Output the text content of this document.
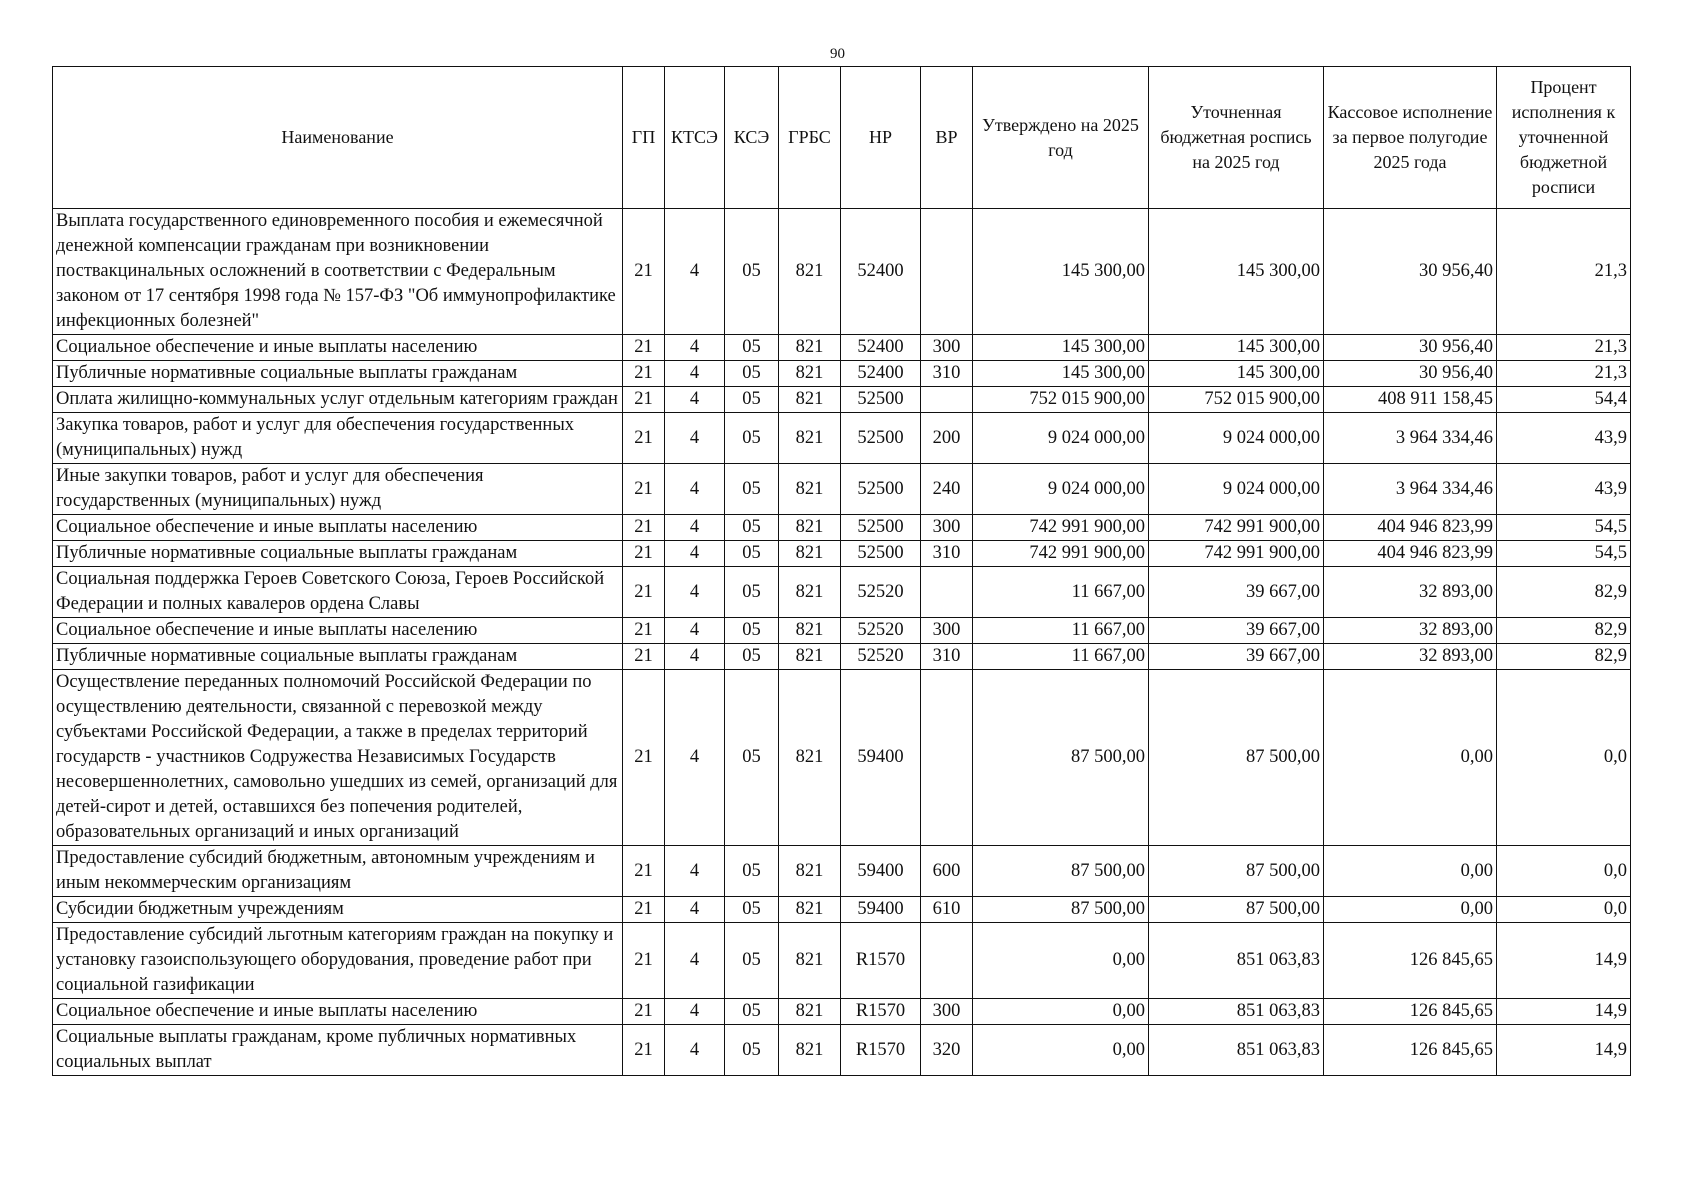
90
Наименование	ГП	КТСЭ	КСЭ	ГРБС	НР	ВР	Утверждено на 2025 год	Уточненная бюджетная роспись на 2025 год	Кассовое исполнение за первое полугодие 2025 года	Процент исполнения к уточненной бюджетной росписи
Выплата государственного единовременного пособия и ежемесячной денежной компенсации гражданам при возникновении поствакцинальных осложнений в соответствии с Федеральным законом от 17 сентября 1998 года № 157-ФЗ "Об иммунопрофилактике инфекционных болезней"	21	4	05	821	52400		145 300,00	145 300,00	30 956,40	21,3
Социальное обеспечение и иные выплаты населению	21	4	05	821	52400	300	145 300,00	145 300,00	30 956,40	21,3
Публичные нормативные социальные выплаты гражданам	21	4	05	821	52400	310	145 300,00	145 300,00	30 956,40	21,3
Оплата жилищно-коммунальных услуг отдельным категориям граждан	21	4	05	821	52500		752 015 900,00	752 015 900,00	408 911 158,45	54,4
Закупка товаров, работ и услуг для обеспечения государственных (муниципальных) нужд	21	4	05	821	52500	200	9 024 000,00	9 024 000,00	3 964 334,46	43,9
Иные закупки товаров, работ и услуг для обеспечения государственных (муниципальных) нужд	21	4	05	821	52500	240	9 024 000,00	9 024 000,00	3 964 334,46	43,9
Социальное обеспечение и иные выплаты населению	21	4	05	821	52500	300	742 991 900,00	742 991 900,00	404 946 823,99	54,5
Публичные нормативные социальные выплаты гражданам	21	4	05	821	52500	310	742 991 900,00	742 991 900,00	404 946 823,99	54,5
Социальная поддержка Героев Советского Союза, Героев Российской Федерации и полных кавалеров ордена Славы	21	4	05	821	52520		11 667,00	39 667,00	32 893,00	82,9
Социальное обеспечение и иные выплаты населению	21	4	05	821	52520	300	11 667,00	39 667,00	32 893,00	82,9
Публичные нормативные социальные выплаты гражданам	21	4	05	821	52520	310	11 667,00	39 667,00	32 893,00	82,9
Осуществление переданных полномочий Российской Федерации по осуществлению деятельности, связанной с перевозкой между субъектами Российской Федерации, а также в пределах территорий государств - участников Содружества Независимых Государств несовершеннолетних, самовольно ушедших из семей, организаций для детей-сирот и детей, оставшихся без попечения родителей, образовательных организаций и иных организаций	21	4	05	821	59400		87 500,00	87 500,00	0,00	0,0
Предоставление субсидий бюджетным, автономным учреждениям и иным некоммерческим организациям	21	4	05	821	59400	600	87 500,00	87 500,00	0,00	0,0
Субсидии бюджетным учреждениям	21	4	05	821	59400	610	87 500,00	87 500,00	0,00	0,0
Предоставление субсидий льготным категориям граждан на покупку и установку газоиспользующего оборудования, проведение работ при социальной газификации	21	4	05	821	R1570		0,00	851 063,83	126 845,65	14,9
Социальное обеспечение и иные выплаты населению	21	4	05	821	R1570	300	0,00	851 063,83	126 845,65	14,9
Социальные выплаты гражданам, кроме публичных нормативных социальных выплат	21	4	05	821	R1570	320	0,00	851 063,83	126 845,65	14,9
